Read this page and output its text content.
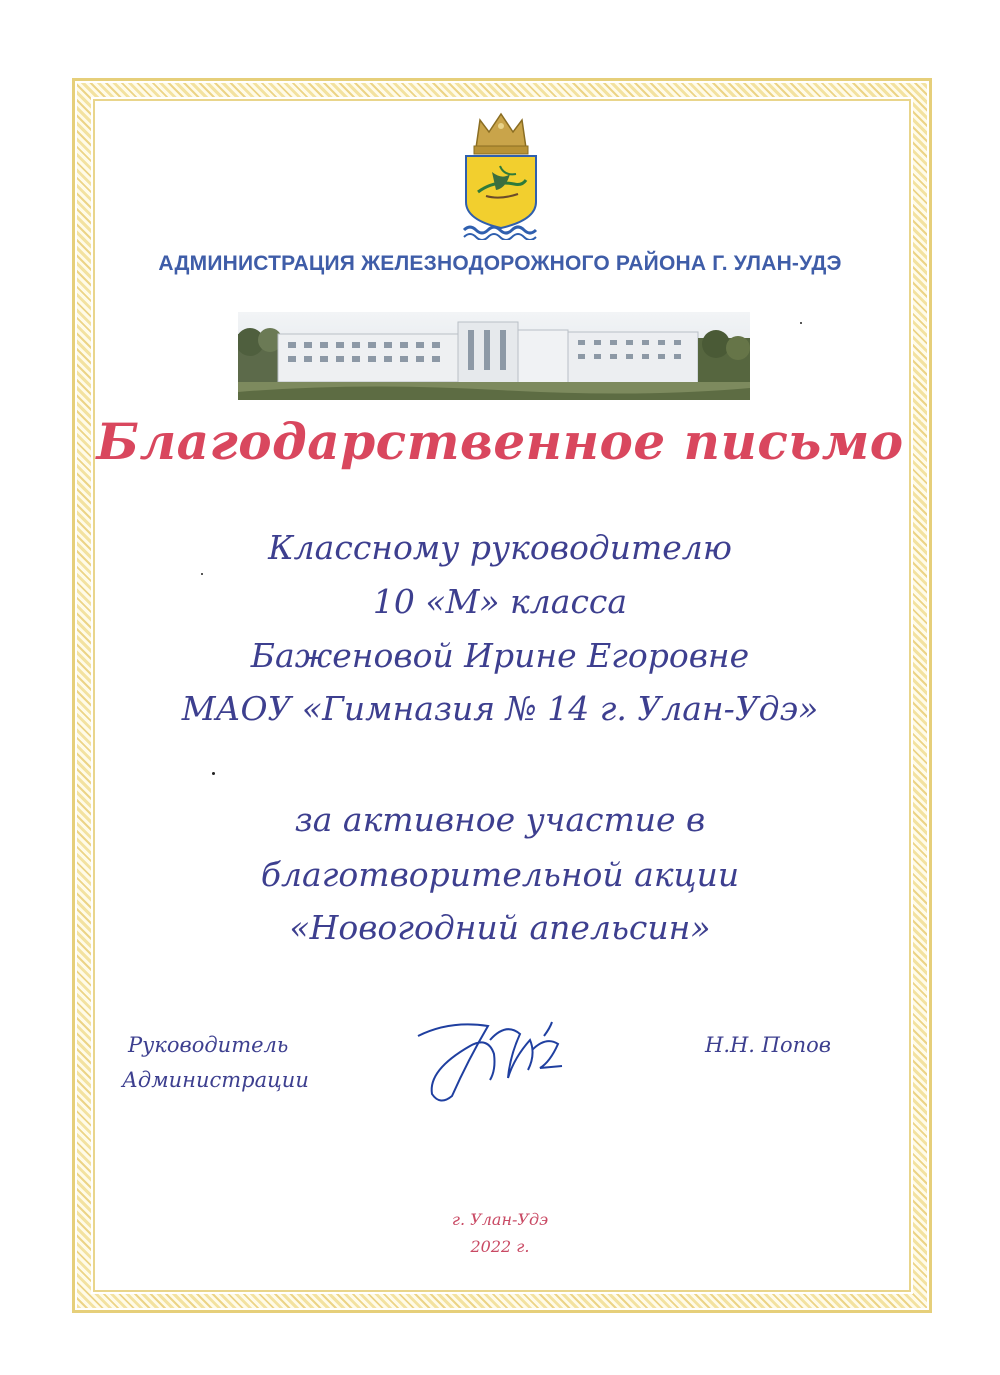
АДМИНИСТРАЦИЯ ЖЕЛЕЗНОДОРОЖНОГО РАЙОНА Г. УЛАН-УДЭ
Благодарственное письмо
Классному руководителю
10 «М» класса
Баженовой Ирине Егоровне
МАОУ «Гимназия № 14 г. Улан-Удэ»
за активное участие в
благотворительной акции
«Новогодний апельсин»
Руководитель
Администрации
Н.Н. Попов
г. Улан-Удэ
2022 г.
